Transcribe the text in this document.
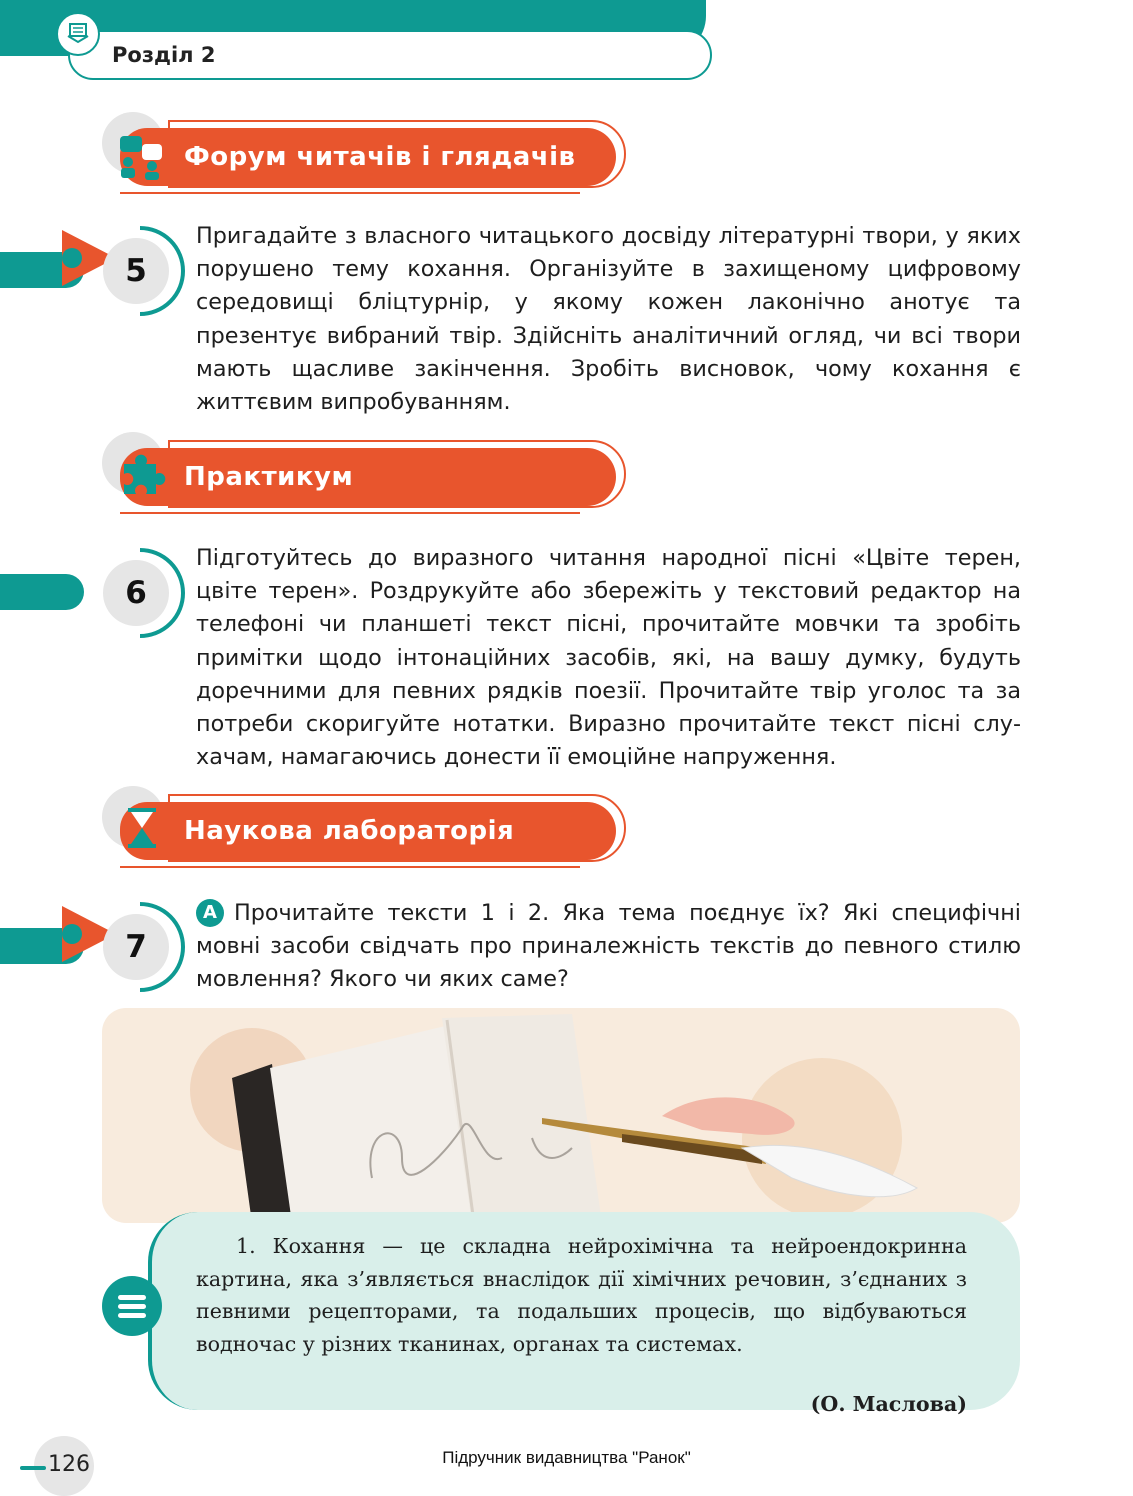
Розділ 2
Форум читачів і глядачів
5

Пригадайте з власного читацького досвіду літературні твори, у яких порушено тему кохання. Організуйте в захищеному цифровому середовищі бліцтурнір, у якому кожен лаконічно анотує та презентує вибраний твір. Здійсніть аналітичний огляд, чи всі твори мають щасливе закінчення. Зробіть висновок, чому кохання є життєвим випробуванням.

Практикум
6

Підготуйтесь до виразного читання народної пісні «Цвіте терен, цвіте терен». Роздрукуйте або збережіть у текстовий редактор на телефоні чи планшеті текст пісні, прочитайте мовчки та зробіть примітки щодо інтонаційних засобів, які, на вашу думку, будуть доречними для певних рядків поезії. Прочитайте твір уголос та за потреби скоригуйте нотатки. Виразно прочитайте текст пісні слухачам, намагаючись донести її емоційне напруження.

Наукова лабораторія
7

А Прочитайте тексти 1 і 2. Яка тема поєднує їх? Які специфічні мовні засоби свідчать про приналежність текстів до певного стилю мовлення? Якого чи яких саме?

1. Кохання — це складна нейрохімічна та нейроендокринна картина, яка з’являється внаслідок дії хімічних речовин, з’єднаних з певними рецепторами, та подальших процесів, що відбуваються водночас у різних тканинах, органах та системах.

(О. Маслова)
126	Підручник видавництва "Ранок"
